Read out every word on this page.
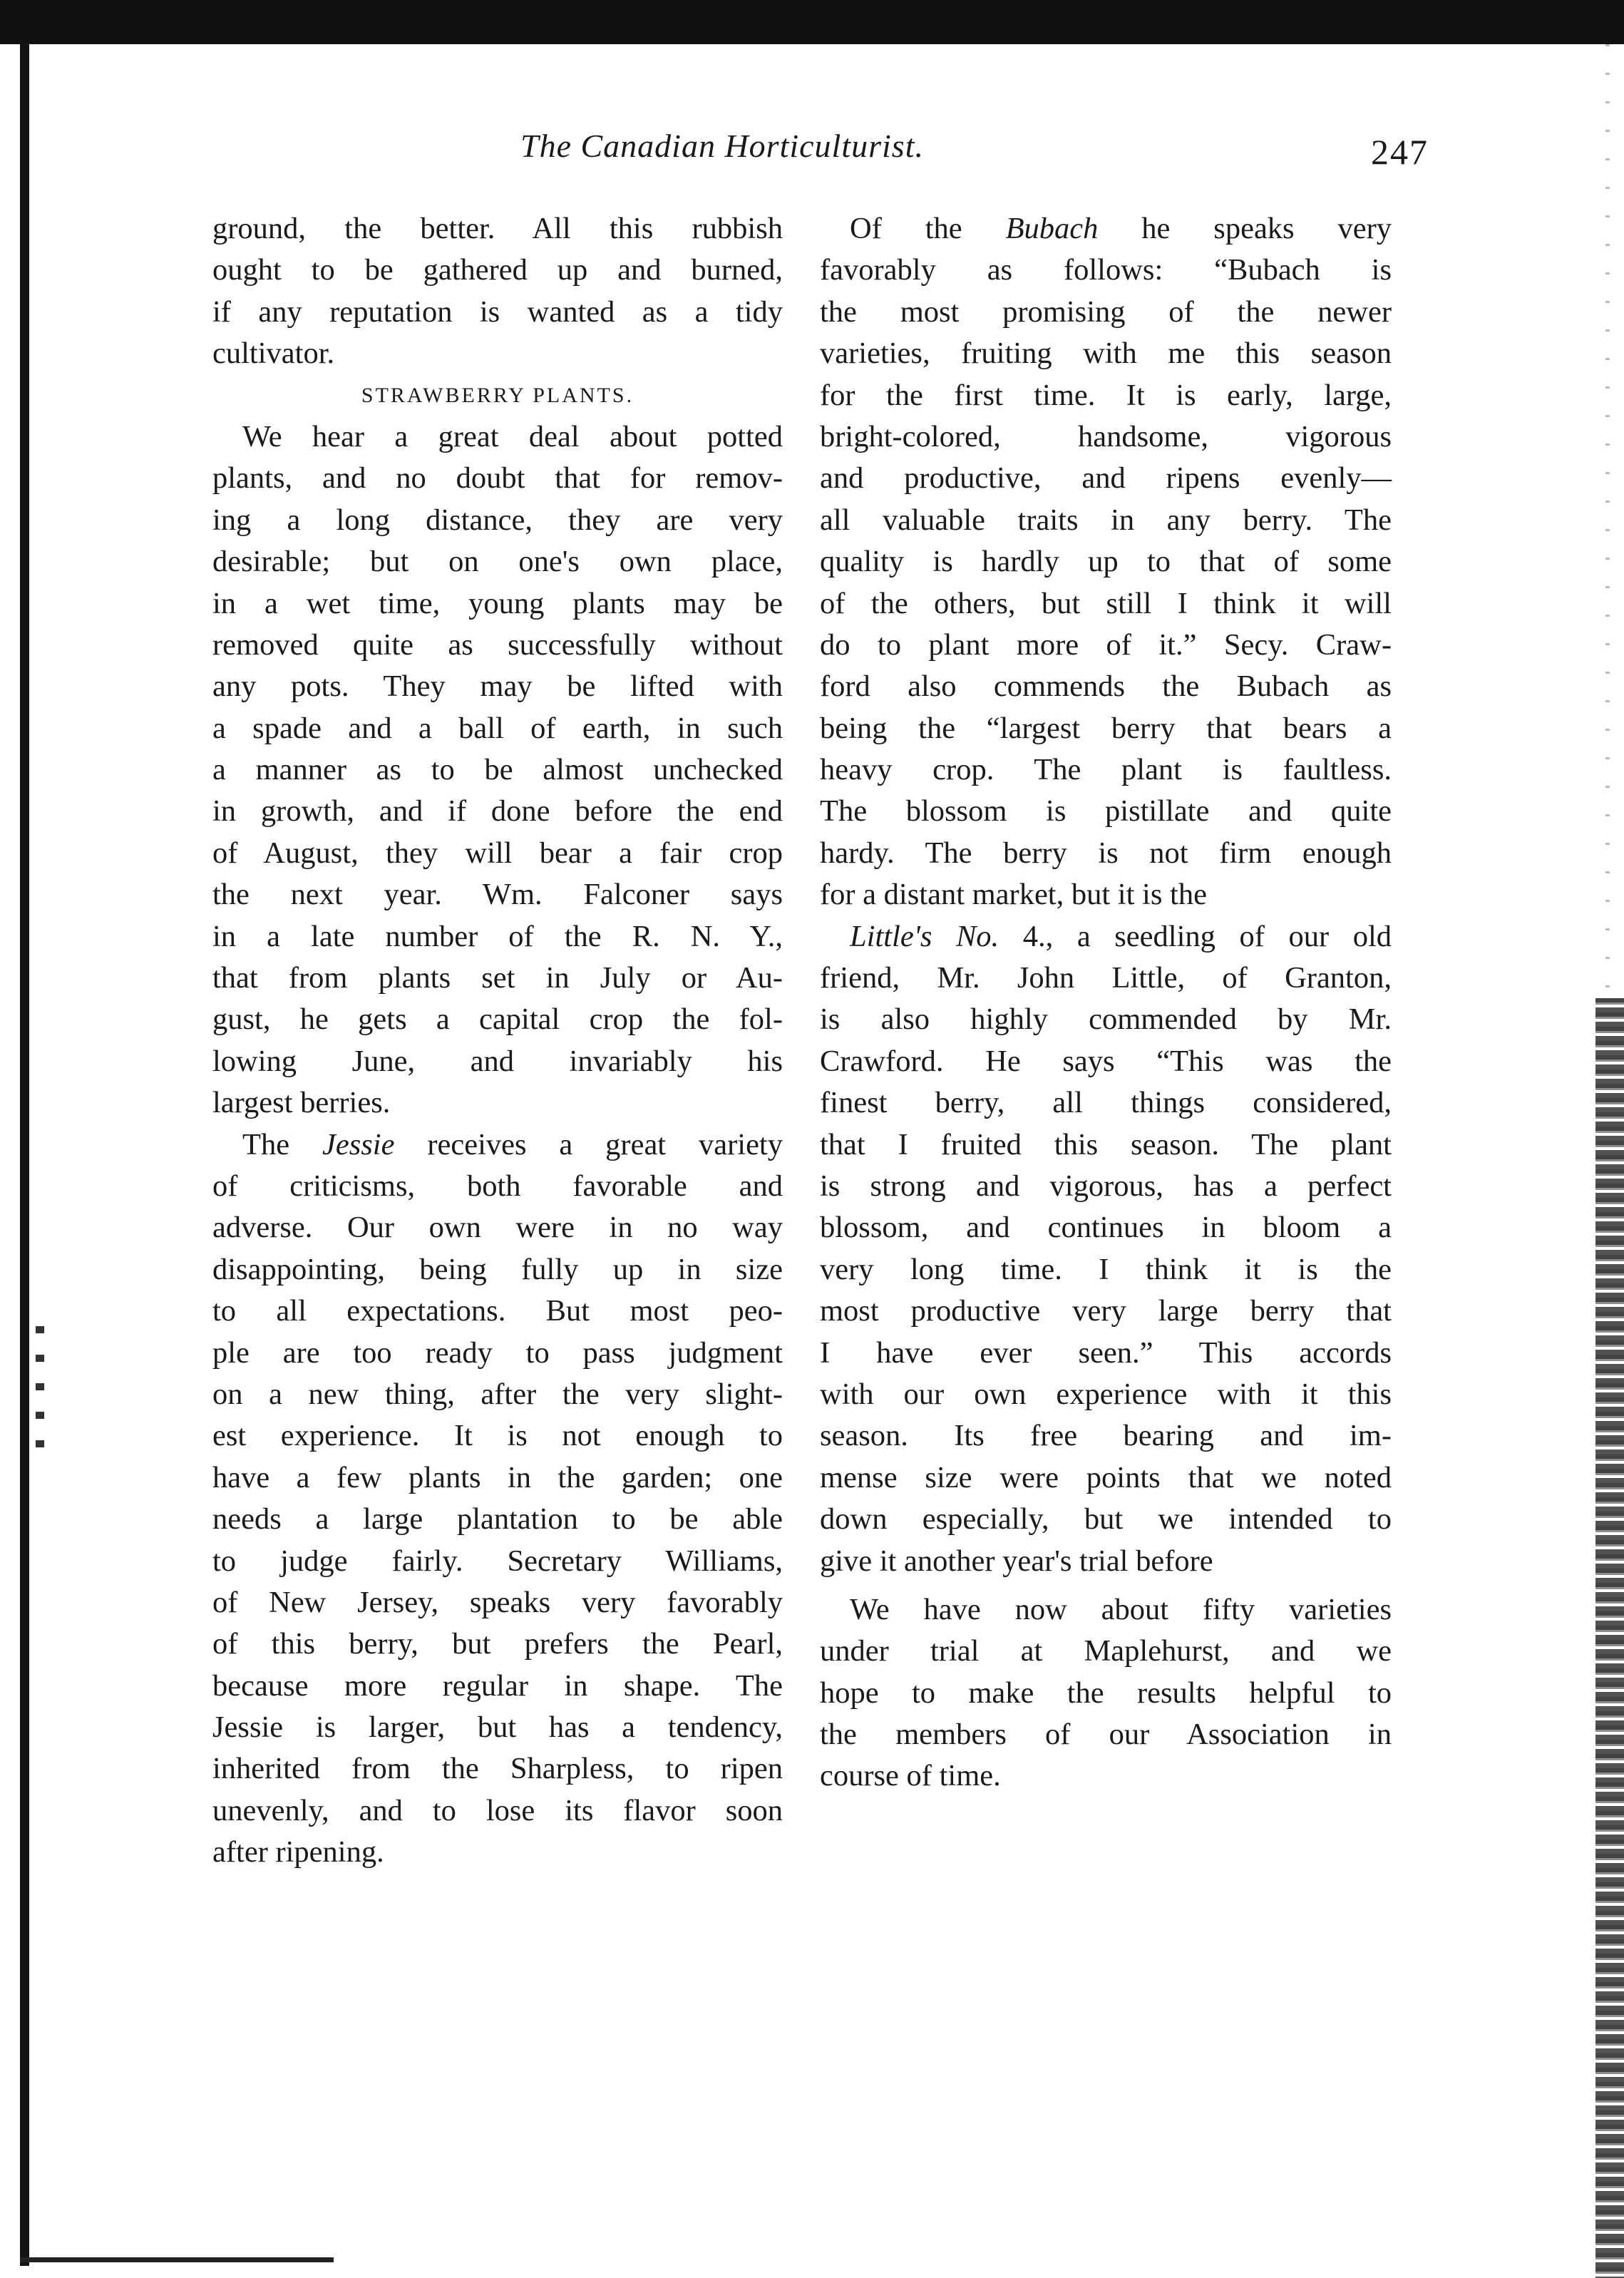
The Canadian Horticulturist.	247
ground, the better. All this rubbish
ought to be gathered up and burned,
if any reputation is wanted as a tidy
cultivator.
STRAWBERRY PLANTS.
We hear a great deal about potted
plants, and no doubt that for remov-
ing a long distance, they are very
desirable; but on one's own place,
in a wet time, young plants may be
removed quite as successfully without
any pots. They may be lifted with
a spade and a ball of earth, in such
a manner as to be almost unchecked
in growth, and if done before the end
of August, they will bear a fair crop
the next year. Wm. Falconer says
in a late number of the R. N. Y.,
that from plants set in July or Au-
gust, he gets a capital crop the fol-
lowing June, and invariably his
largest berries.
The Jessie receives a great variety
of criticisms, both favorable and
adverse. Our own were in no way
disappointing, being fully up in size
to all expectations. But most peo-
ple are too ready to pass judgment
on a new thing, after the very slight-
est experience. It is not enough to
have a few plants in the garden; one
needs a large plantation to be able
to judge fairly. Secretary Williams,
of New Jersey, speaks very favorably
of this berry, but prefers the Pearl,
because more regular in shape. The
Jessie is larger, but has a tendency,
inherited from the Sharpless, to ripen
unevenly, and to lose its flavor soon
after ripening.
Of the Bubach he speaks very
favorably as follows: “Bubach is
the most promising of the newer
varieties, fruiting with me this season
for the first time. It is early, large,
bright-colored, handsome, vigorous
and productive, and ripens evenly—
all valuable traits in any berry. The
quality is hardly up to that of some
of the others, but still I think it will
do to plant more of it.” Secy. Craw-
ford also commends the Bubach as
being the “largest berry that bears a
heavy crop. The plant is faultless.
The blossom is pistillate and quite
hardy. The berry is not firm enough
for a distant market, but it is the
Little's No. 4., a seedling of our old
friend, Mr. John Little, of Granton,
is also highly commended by Mr.
Crawford. He says “This was the
finest berry, all things considered,
that I fruited this season. The plant
is strong and vigorous, has a perfect
blossom, and continues in bloom a
very long time. I think it is the
most productive very large berry that
I have ever seen.” This accords
with our own experience with it this
season. Its free bearing and im-
mense size were points that we noted
down especially, but we intended to
give it another year's trial before
We have now about fifty varieties
under trial at Maplehurst, and we
hope to make the results helpful to
the members of our Association in
course of time.
